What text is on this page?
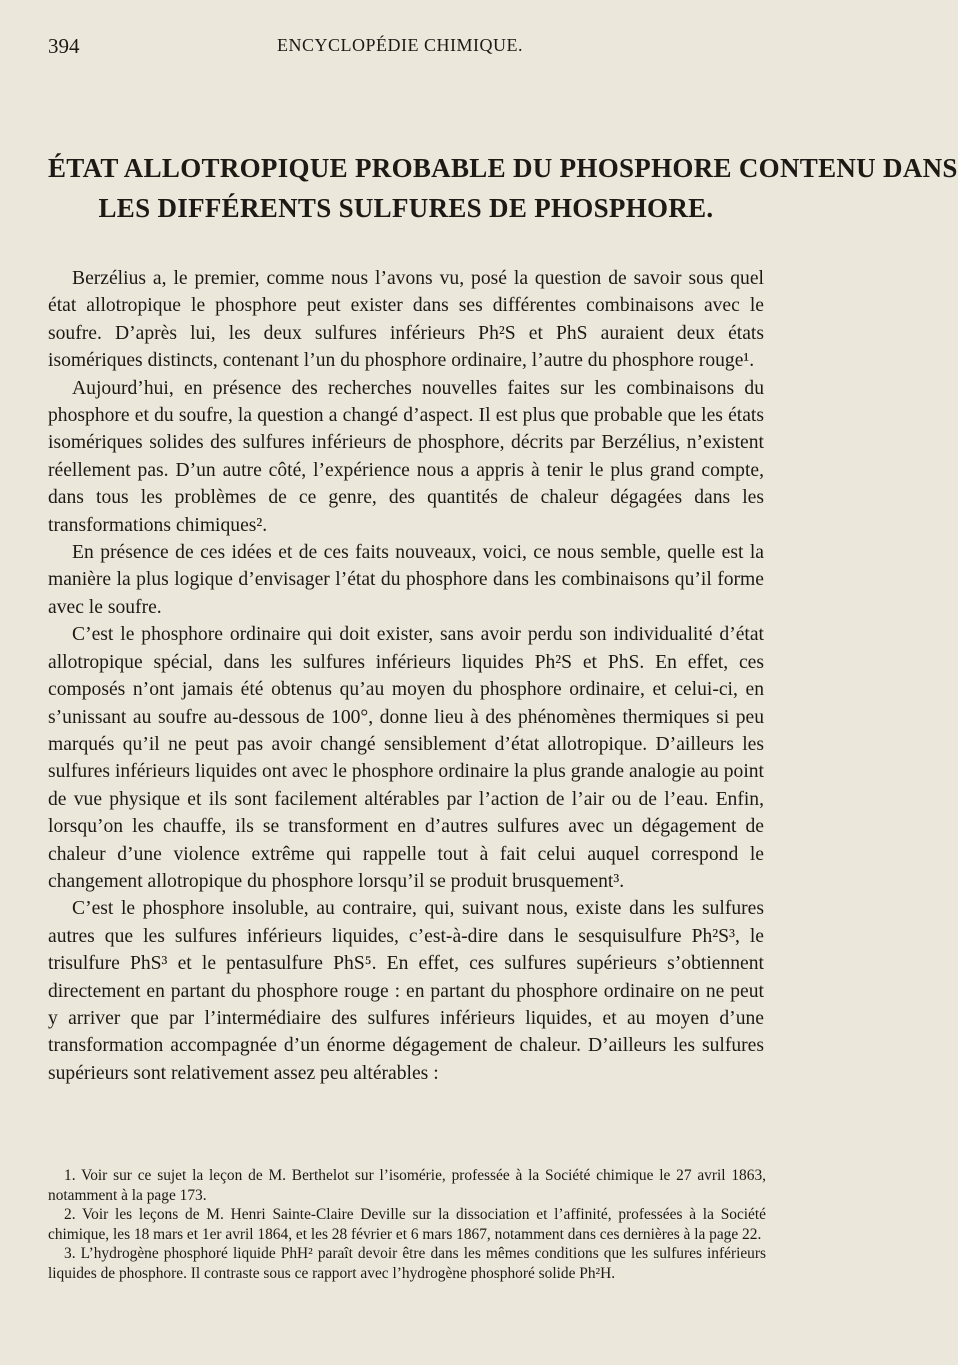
394	ENCYCLOPÉDIE CHIMIQUE.
ÉTAT ALLOTROPIQUE PROBABLE DU PHOSPHORE CONTENU DANS
LES DIFFÉRENTS SULFURES DE PHOSPHORE.

Berzélius a, le premier, comme nous l’avons vu, posé la question de savoir sous quel état allotropique le phosphore peut exister dans ses différentes combinaisons avec le soufre. D’après lui, les deux sulfures inférieurs Ph²S et PhS auraient deux états isomériques distincts, contenant l’un du phosphore ordinaire, l’autre du phosphore rouge¹.

Aujourd’hui, en présence des recherches nouvelles faites sur les combinaisons du phosphore et du soufre, la question a changé d’aspect. Il est plus que probable que les états isomériques solides des sulfures inférieurs de phosphore, décrits par Berzélius, n’existent réellement pas. D’un autre côté, l’expérience nous a appris à tenir le plus grand compte, dans tous les problèmes de ce genre, des quantités de chaleur dégagées dans les transformations chimiques².

En présence de ces idées et de ces faits nouveaux, voici, ce nous semble, quelle est la manière la plus logique d’envisager l’état du phosphore dans les combinaisons qu’il forme avec le soufre.

C’est le phosphore ordinaire qui doit exister, sans avoir perdu son individualité d’état allotropique spécial, dans les sulfures inférieurs liquides Ph²S et PhS. En effet, ces composés n’ont jamais été obtenus qu’au moyen du phosphore ordinaire, et celui-ci, en s’unissant au soufre au-dessous de 100°, donne lieu à des phénomènes thermiques si peu marqués qu’il ne peut pas avoir changé sensiblement d’état allotropique. D’ailleurs les sulfures inférieurs liquides ont avec le phosphore ordinaire la plus grande analogie au point de vue physique et ils sont facilement altérables par l’action de l’air ou de l’eau. Enfin, lorsqu’on les chauffe, ils se transforment en d’autres sulfures avec un dégagement de chaleur d’une violence extrême qui rappelle tout à fait celui auquel correspond le changement allotropique du phosphore lorsqu’il se produit brusquement³.

C’est le phosphore insoluble, au contraire, qui, suivant nous, existe dans les sulfures autres que les sulfures inférieurs liquides, c’est-à-dire dans le sesquisulfure Ph²S³, le trisulfure PhS³ et le pentasulfure PhS⁵. En effet, ces sulfures supérieurs s’obtiennent directement en partant du phosphore rouge : en partant du phosphore ordinaire on ne peut y arriver que par l’intermédiaire des sulfures inférieurs liquides, et au moyen d’une transformation accompagnée d’un énorme dégagement de chaleur. D’ailleurs les sulfures supérieurs sont relativement assez peu altérables :

1. Voir sur ce sujet la leçon de M. Berthelot sur l’isomérie, professée à la Société chimique le 27 avril 1863, notamment à la page 173.

2. Voir les leçons de M. Henri Sainte-Claire Deville sur la dissociation et l’affinité, professées à la Société chimique, les 18 mars et 1er avril 1864, et les 28 février et 6 mars 1867, notamment dans ces dernières à la page 22.

3. L’hydrogène phosphoré liquide PhH² paraît devoir être dans les mêmes conditions que les sulfures inférieurs liquides de phosphore. Il contraste sous ce rapport avec l’hydrogène phosphoré solide Ph²H.
